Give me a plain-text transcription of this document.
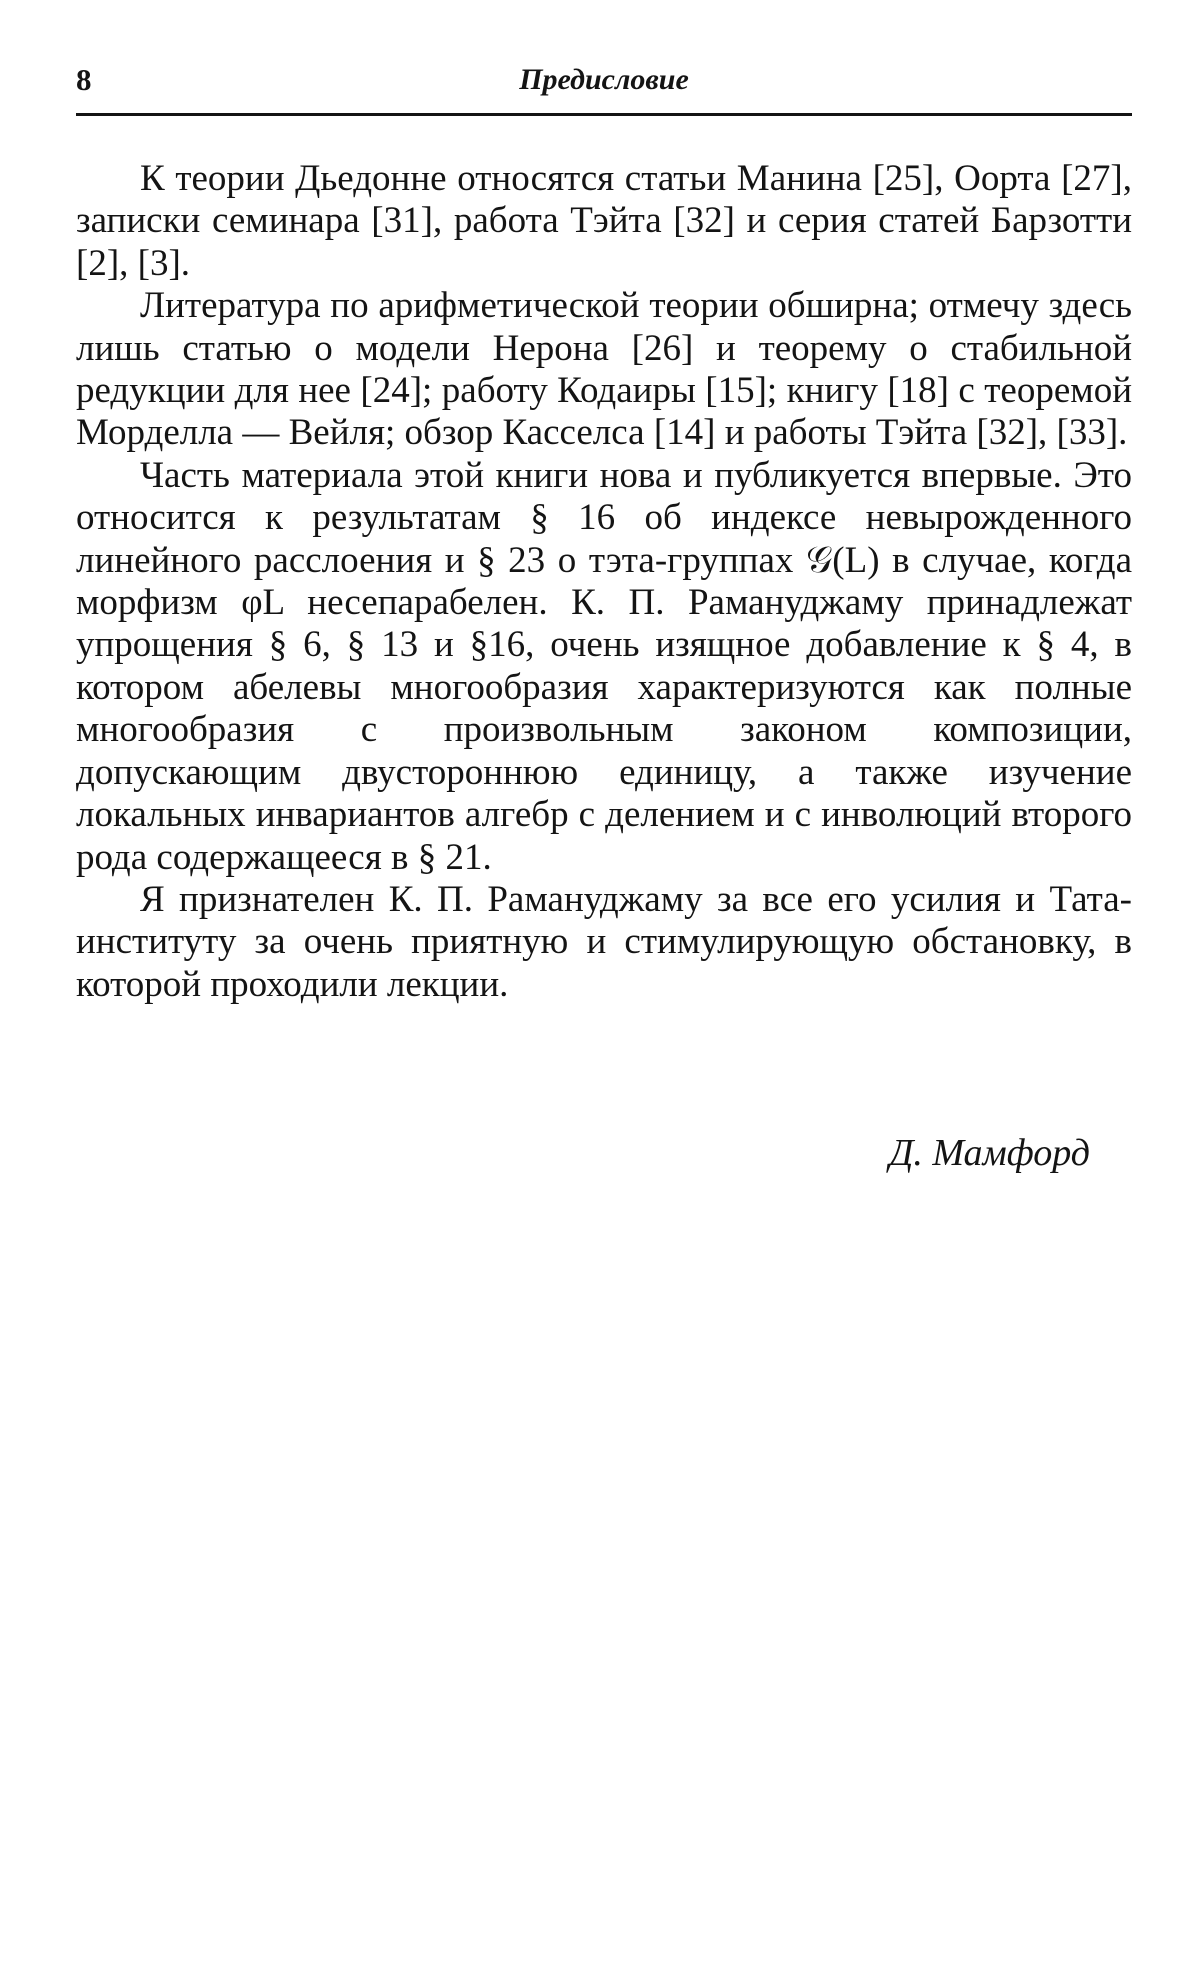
8	Предисловие

К теории Дьедонне относятся статьи Манина [25], Оорта [27], записки семинара [31], работа Тэйта [32] и серия статей Барзотти [2], [3].

Литература по арифметической теории обширна; отмечу здесь лишь статью о модели Нерона [26] и теорему о стабильной редукции для нее [24]; работу Кодаиры [15]; книгу [18] с теоремой Морделла — Вейля; обзор Касселса [14] и работы Тэйта [32], [33].

Часть материала этой книги нова и публикуется впервые. Это относится к результатам § 16 об индексе невырожденного линейного расслоения и § 23 о тэта-группах 𝒢(L) в случае, когда морфизм φL несепарабелен. К. П. Рамануджаму принадлежат упрощения § 6, § 13 и §16, очень изящное добавление к § 4, в котором абелевы многообразия характеризуются как полные многообразия с произвольным законом композиции, допускающим двустороннюю единицу, а также изучение локальных инвариантов алгебр с делением и с инволюций второго рода содержащееся в § 21.

Я признателен К. П. Рамануджаму за все его усилия и Тата-институту за очень приятную и стимулирующую обстановку, в которой проходили лекции.

Д. Мамфорд
